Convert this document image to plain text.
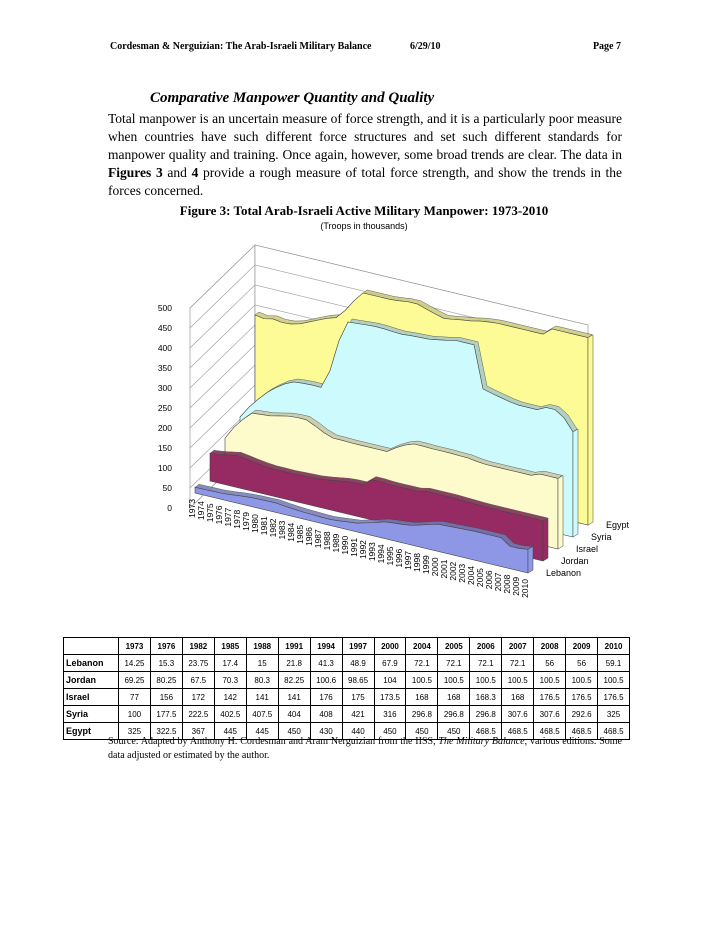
Cordesman & Nerguizian: The Arab-Israeli Military Balance	6/29/10	Page 7
Comparative Manpower Quantity and Quality
Total manpower is an uncertain measure of force strength, and it is a particularly poor measure when countries have such different force structures and set such different standards for manpower quality and training. Once again, however, some broad trends are clear. The data in Figures 3 and 4 provide a rough measure of total force strength, and show the trends in the forces concerned.
Figure 3: Total Arab-Israeli Active Military Manpower: 1973-2010
(Troops in thousands)
0
50
100
150
200
250
300
350
400
450
500
Egypt
Syria
Israel
Jordan
Lebanon
1973 1974 1975 1976 1977 1978 1979 1980 1981 1982 1983 1984 1985 1986 1987 1988 1989 1990 1991 1992 1993 1994 1995 1996 1997 1998 1999 2000 2001 2002 2003 2004 2005 2006 2007 2008 2009 2010
	1973	1976	1982	1985	1988	1991	1994	1997	2000	2004	2005	2006	2007	2008	2009	2010
Lebanon	14.25	15.3	23.75	17.4	15	21.8	41.3	48.9	67.9	72.1	72.1	72.1	72.1	56	56	59.1
Jordan	69.25	80.25	67.5	70.3	80.3	82.25	100.6	98.65	104	100.5	100.5	100.5	100.5	100.5	100.5	100.5
Israel	77	156	172	142	141	141	176	175	173.5	168	168	168.3	168	176.5	176.5	176.5
Syria	100	177.5	222.5	402.5	407.5	404	408	421	316	296.8	296.8	296.8	307.6	307.6	292.6	325
Egypt	325	322.5	367	445	445	450	430	440	450	450	450	468.5	468.5	468.5	468.5	468.5
Source: Adapted by Anthony H. Cordesman and Aram Nerguizian from the IISS, The Military Balance, various editions. Some data adjusted or estimated by the author.
